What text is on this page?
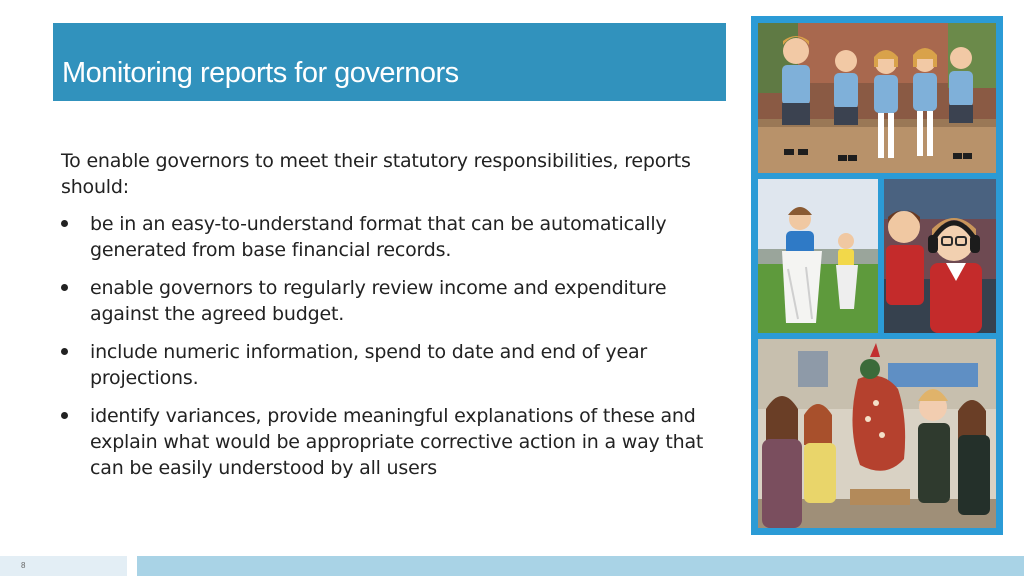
Monitoring reports for governors

To enable governors to meet their statutory responsibilities, reports should:

be in an easy-to-understand format that can be automatically generated from base financial records.
enable governors to regularly review income and expenditure against the agreed budget.
include numeric information, spend to date and end of year projections.
identify variances, provide meaningful explanations of these and explain what would be appropriate corrective action in a way that can be easily understood by all users
8
